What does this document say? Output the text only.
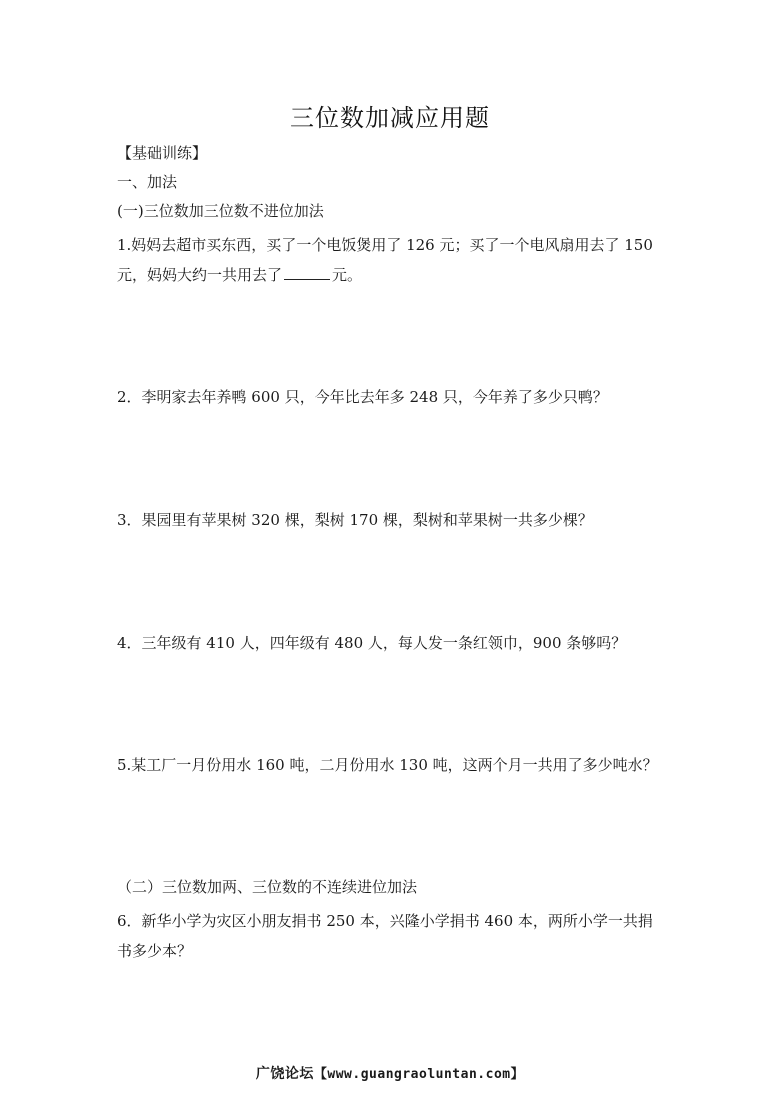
三位数加减应用题
【基础训练】
一、加法
(一)三位数加三位数不进位加法
1.妈妈去超市买东西，买了一个电饭煲用了 126 元；买了一个电风扇用去了 150
元，妈妈大约一共用去了	元。
2．李明家去年养鸭 600 只，今年比去年多 248 只，今年养了多少只鸭？
3．果园里有苹果树 320 棵，梨树 170 棵，梨树和苹果树一共多少棵？
4．三年级有 410 人，四年级有 480 人，每人发一条红领巾，900 条够吗？
5.某工厂一月份用水 160 吨，二月份用水 130 吨，这两个月一共用了多少吨水？
（二）三位数加两、三位数的不连续进位加法
6．新华小学为灾区小朋友捐书 250 本，兴隆小学捐书 460 本，两所小学一共捐
书多少本？
广饶论坛【www.guangraoluntan.com】
